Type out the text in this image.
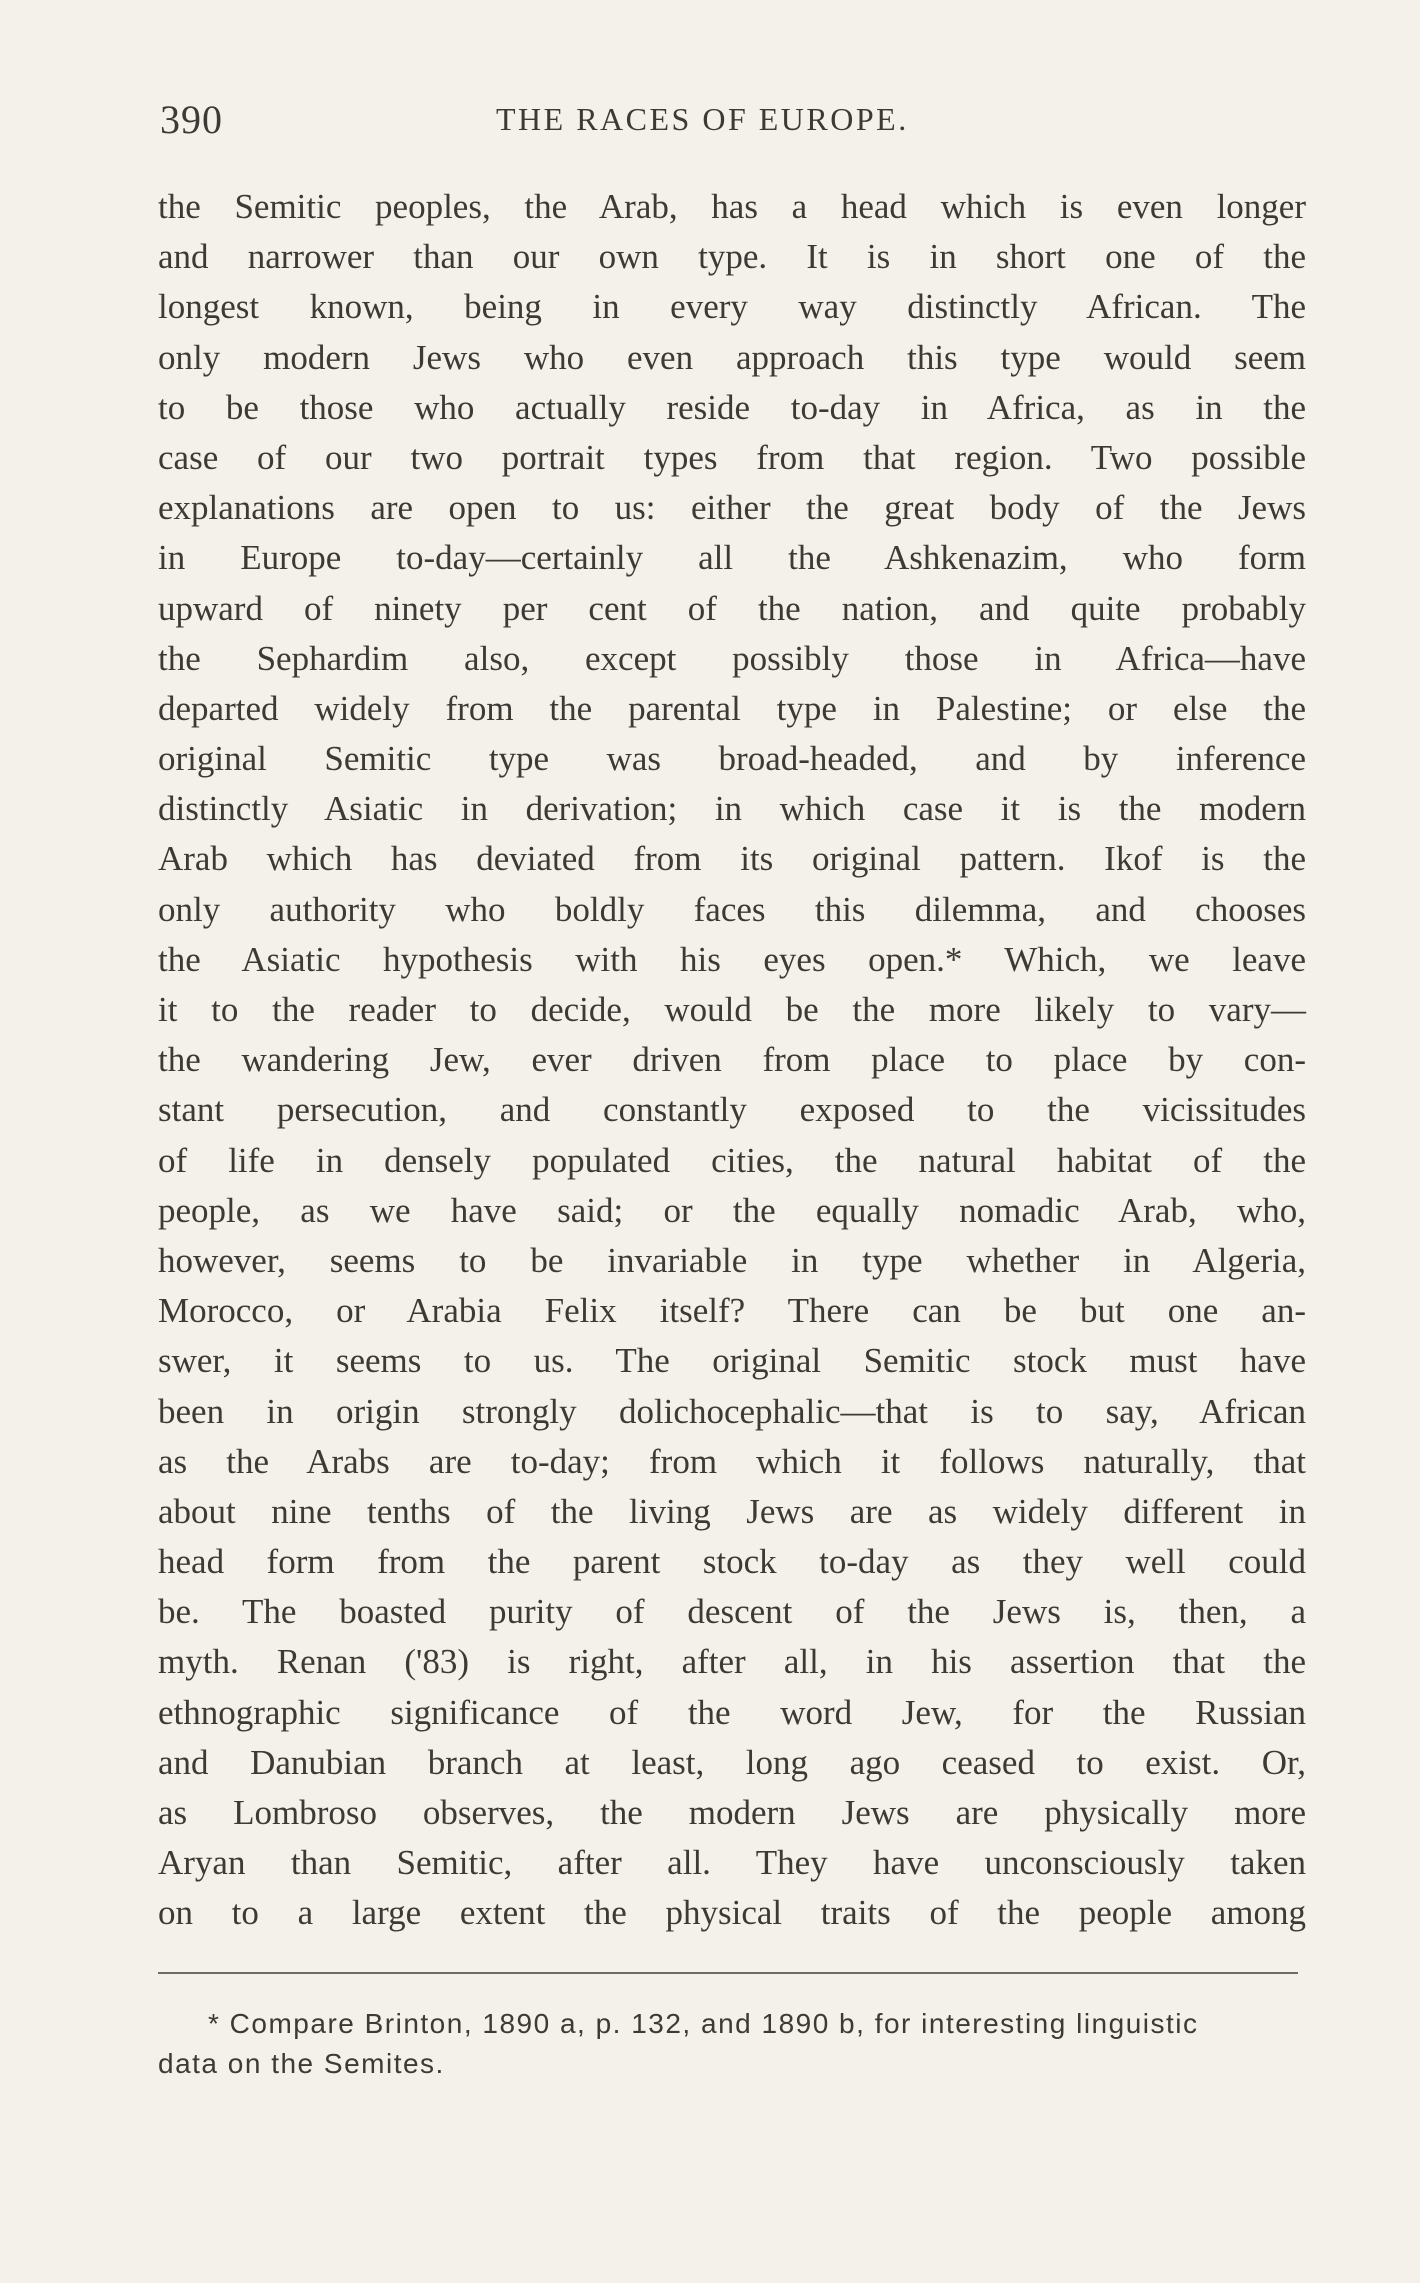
390	THE RACES OF EUROPE.
the Semitic peoples, the Arab, has a head which is even longer
and narrower than our own type. It is in short one of the
longest known, being in every way distinctly African. The
only modern Jews who even approach this type would seem
to be those who actually reside to-day in Africa, as in the
case of our two portrait types from that region. Two possible
explanations are open to us: either the great body of the Jews
in Europe to-day—certainly all the Ashkenazim, who form
upward of ninety per cent of the nation, and quite probably
the Sephardim also, except possibly those in Africa—have
departed widely from the parental type in Palestine; or else the
original Semitic type was broad-headed, and by inference
distinctly Asiatic in derivation; in which case it is the modern
Arab which has deviated from its original pattern. Ikof is the
only authority who boldly faces this dilemma, and chooses
the Asiatic hypothesis with his eyes open.* Which, we leave
it to the reader to decide, would be the more likely to vary—
the wandering Jew, ever driven from place to place by con-
stant persecution, and constantly exposed to the vicissitudes
of life in densely populated cities, the natural habitat of the
people, as we have said; or the equally nomadic Arab, who,
however, seems to be invariable in type whether in Algeria,
Morocco, or Arabia Felix itself? There can be but one an-
swer, it seems to us. The original Semitic stock must have
been in origin strongly dolichocephalic—that is to say, African
as the Arabs are to-day; from which it follows naturally, that
about nine tenths of the living Jews are as widely different in
head form from the parent stock to-day as they well could
be. The boasted purity of descent of the Jews is, then, a
myth. Renan ('83) is right, after all, in his assertion that the
ethnographic significance of the word Jew, for the Russian
and Danubian branch at least, long ago ceased to exist. Or,
as Lombroso observes, the modern Jews are physically more
Aryan than Semitic, after all. They have unconsciously taken
on to a large extent the physical traits of the people among
* Compare Brinton, 1890 a, p. 132, and 1890 b, for interesting linguistic
data on the Semites.
